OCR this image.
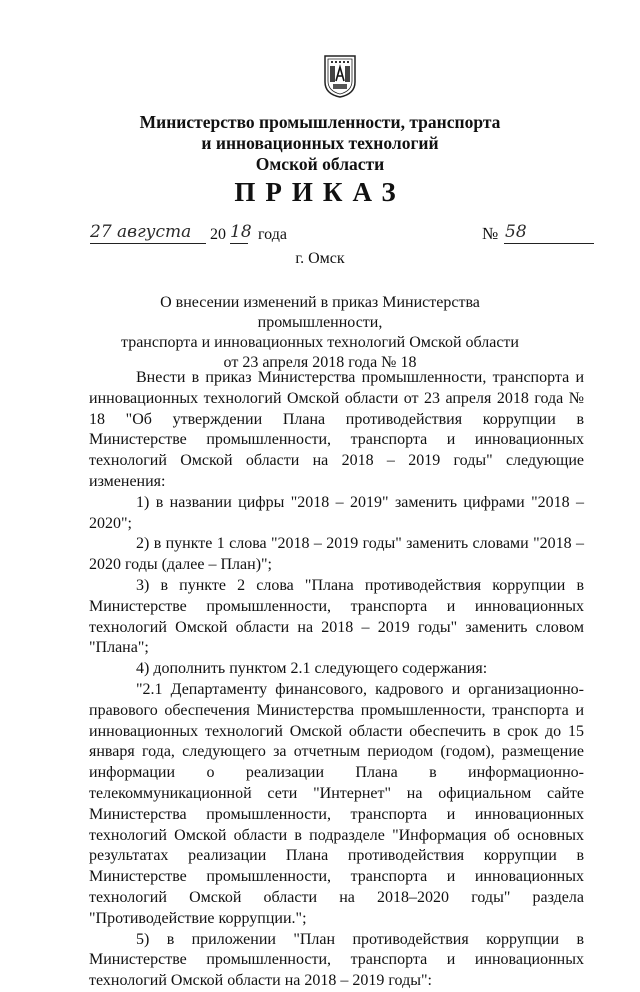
Министерство промышленности, транспорта
и инновационных технологий
Омской области
ПРИКАЗ
27 августа 20 18 года	№ 58
г. Омск
О внесении изменений в приказ Министерства промышленности,
транспорта и инновационных технологий Омской области
от 23 апреля 2018 года № 18

Внести в приказ Министерства промышленности, транспорта и инновационных технологий Омской области от 23 апреля 2018 года № 18 "Об утверждении Плана противодействия коррупции в Министерстве промышленности, транспорта и инновационных технологий Омской области на 2018 – 2019 годы" следующие изменения:

1) в названии цифры "2018 – 2019" заменить цифрами "2018 – 2020";

2) в пункте 1 слова "2018 – 2019 годы" заменить словами "2018 – 2020 годы (далее – План)";

3) в пункте 2 слова "Плана противодействия коррупции в Министерстве промышленности, транспорта и инновационных технологий Омской области на 2018 – 2019 годы" заменить словом "Плана";

4) дополнить пунктом 2.1 следующего содержания:

"2.1 Департаменту финансового, кадрового и организационно-правового обеспечения Министерства промышленности, транспорта и инновационных технологий Омской области обеспечить в срок до 15 января года, следующего за отчетным периодом (годом), размещение информации о реализации Плана в информационно-телекоммуникационной сети "Интернет" на официальном сайте Министерства промышленности, транспорта и инновационных технологий Омской области в подразделе "Информация об основных результатах реализации Плана противодействия коррупции в Министерстве промышленности, транспорта и инновационных технологий Омской области на 2018–2020 годы" раздела "Противодействие коррупции.";

5) в приложении "План противодействия коррупции в Министерстве промышленности, транспорта и инновационных технологий Омской области на 2018 – 2019 годы":
